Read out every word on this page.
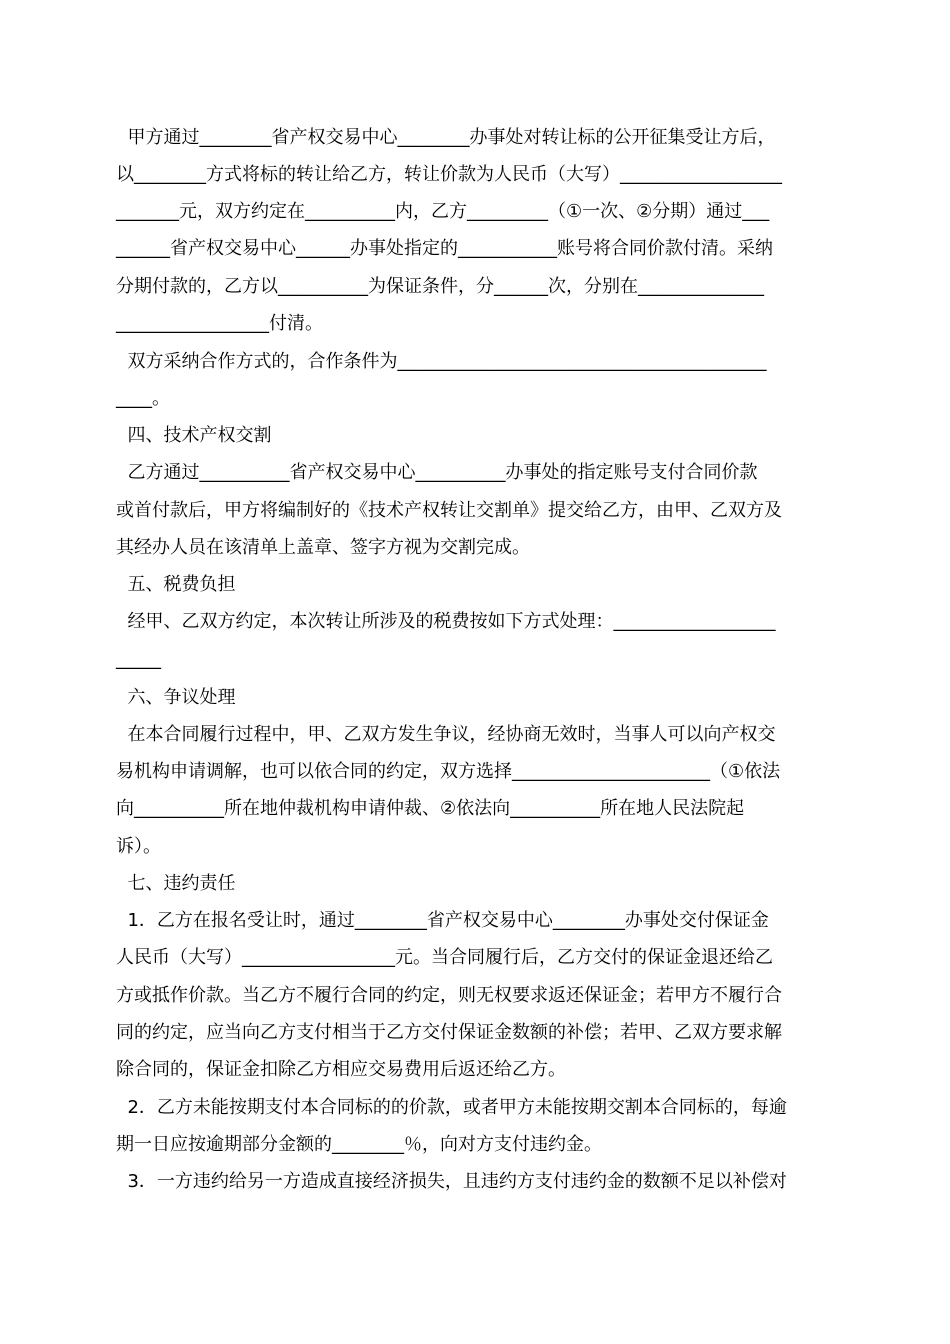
甲方通过________省产权交易中心________办事处对转让标的公开征集受让方后，
以________方式将标的转让给乙方，转让价款为人民币（大写）__________________
_______元，双方约定在__________内，乙方_________（①一次、②分期）通过___
______省产权交易中心______办事处指定的___________账号将合同价款付清。采纳
分期付款的，乙方以__________为保证条件，分______次，分别在______________
_________________付清。
双方采纳合作方式的，合作条件为_________________________________________
____。
四、技术产权交割
乙方通过__________省产权交易中心__________办事处的指定账号支付合同价款
或首付款后，甲方将编制好的《技术产权转让交割单》提交给乙方，由甲、乙双方及
其经办人员在该清单上盖章、签字方视为交割完成。
五、税费负担
经甲、乙双方约定，本次转让所涉及的税费按如下方式处理：__________________
_____
六、争议处理
在本合同履行过程中，甲、乙双方发生争议，经协商无效时，当事人可以向产权交
易机构申请调解，也可以依合同的约定，双方选择______________________（①依法
向__________所在地仲裁机构申请仲裁、②依法向__________所在地人民法院起
诉）。
七、违约责任
1．乙方在报名受让时，通过________省产权交易中心________办事处交付保证金
人民币（大写）_________________元。当合同履行后，乙方交付的保证金退还给乙
方或抵作价款。当乙方不履行合同的约定，则无权要求返还保证金；若甲方不履行合
同的约定，应当向乙方支付相当于乙方交付保证金数额的补偿；若甲、乙双方要求解
除合同的，保证金扣除乙方相应交易费用后返还给乙方。
2．乙方未能按期支付本合同标的的价款，或者甲方未能按期交割本合同标的，每逾
期一日应按逾期部分金额的________％，向对方支付违约金。
3．一方违约给另一方造成直接经济损失，且违约方支付违约金的数额不足以补偿对
